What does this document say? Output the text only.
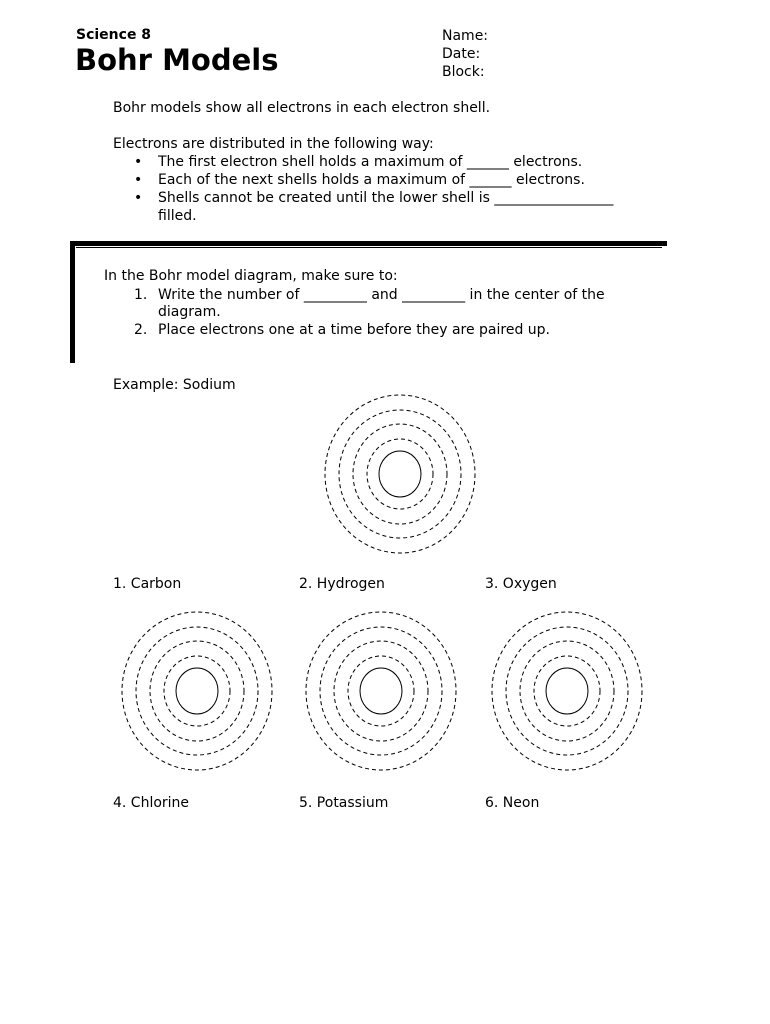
Science 8
Bohr Models
Name:
Date:
Block:
Bohr models show all electrons in each electron shell.
Electrons are distributed in the following way:
• The first electron shell holds a maximum of ______ electrons.
• Each of the next shells holds a maximum of ______ electrons.
• Shells cannot be created until the lower shell is _________________
filled.
In the Bohr model diagram, make sure to:
1. Write the number of _________ and _________ in the center of the
diagram.
2. Place electrons one at a time before they are paired up.
Example: Sodium
1. Carbon	2. Hydrogen	3. Oxygen
4. Chlorine	5. Potassium	6. Neon
